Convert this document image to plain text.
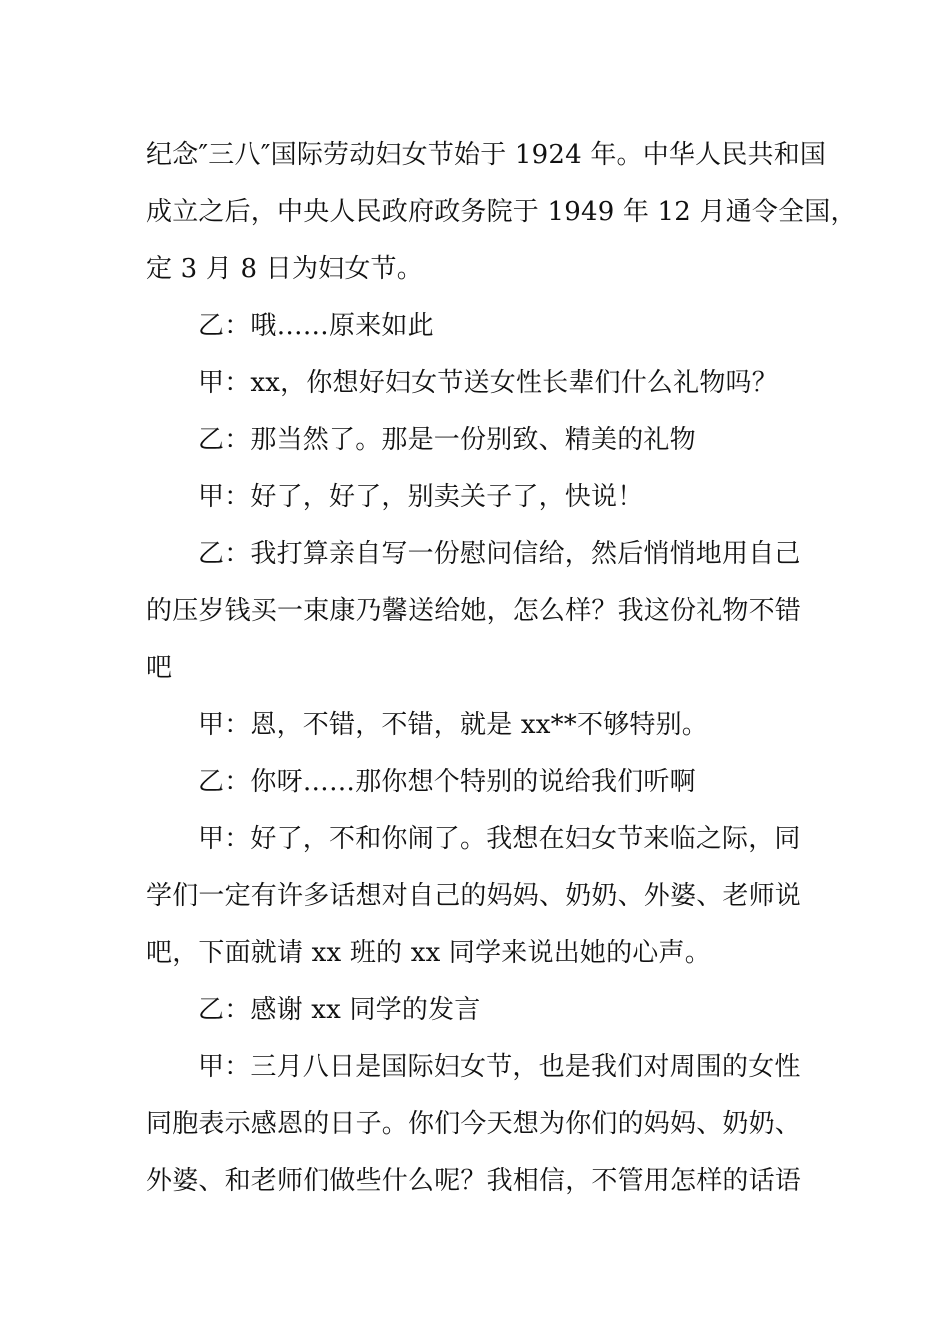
纪念″三八″国际劳动妇女节始于 1924 年。中华人民共和国
成立之后，中央人民政府政务院于 1949 年 12 月通令全国，
定 3 月 8 日为妇女节。
乙：哦……原来如此
甲：xx，你想好妇女节送女性长辈们什么礼物吗？
乙：那当然了。那是一份别致、精美的礼物
甲：好了，好了，别卖关子了，快说！
乙：我打算亲自写一份慰问信给，然后悄悄地用自己
的压岁钱买一束康乃馨送给她，怎么样？我这份礼物不错
吧
甲：恩，不错，不错，就是 xx**不够特别。
乙：你呀……那你想个特别的说给我们听啊
甲：好了，不和你闹了。我想在妇女节来临之际，同
学们一定有许多话想对自己的妈妈、奶奶、外婆、老师说
吧，下面就请 xx 班的 xx 同学来说出她的心声。
乙：感谢 xx 同学的发言
甲：三月八日是国际妇女节，也是我们对周围的女性
同胞表示感恩的日子。你们今天想为你们的妈妈、奶奶、
外婆、和老师们做些什么呢？我相信，不管用怎样的话语
